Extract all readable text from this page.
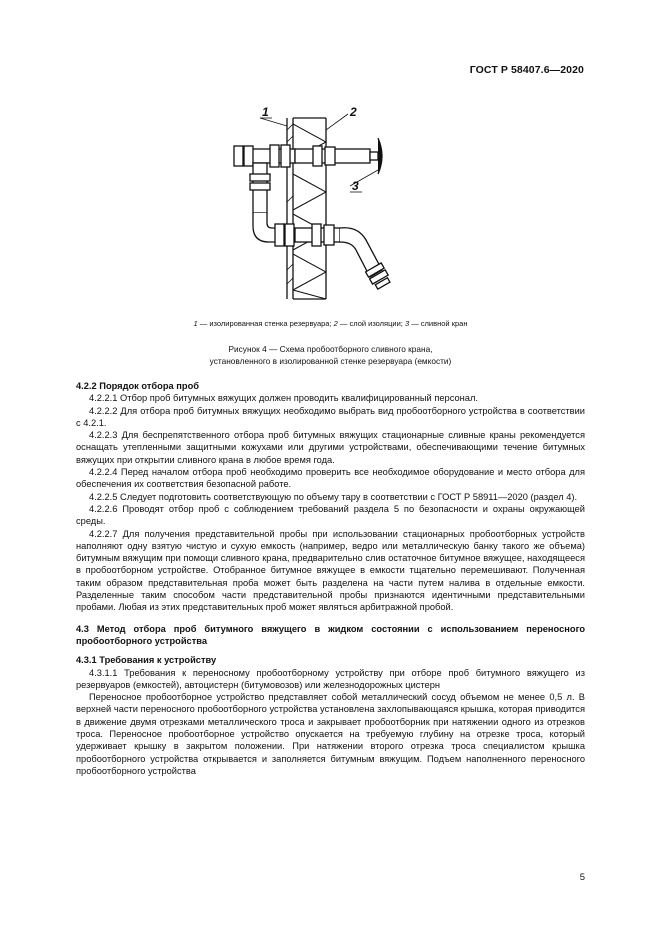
ГОСТ Р 58407.6—2020
1	2
3
1 — изолированная стенка резервуара; 2 — слой изоляции; 3 — сливной кран
Рисунок 4 — Схема пробоотборного сливного крана,
установленного в изолированной стенке резервуара (емкости)

4.2.2 Порядок отбора проб

4.2.2.1 Отбор проб битумных вяжущих должен проводить квалифицированный персонал.

4.2.2.2 Для отбора проб битумных вяжущих необходимо выбрать вид пробоотборного устройства в соответствии с 4.2.1.

4.2.2.3 Для беспрепятственного отбора проб битумных вяжущих стационарные сливные краны рекомендуется оснащать утепленными защитными кожухами или другими устройствами, обеспечивающими течение битумных вяжущих при открытии сливного крана в любое время года.

4.2.2.4 Перед началом отбора проб необходимо проверить все необходимое оборудование и место отбора для обеспечения их соответствия безопасной работе.

4.2.2.5 Следует подготовить соответствующую по объему тару в соответствии с ГОСТ Р 58911—2020 (раздел 4).

4.2.2.6 Проводят отбор проб с соблюдением требований раздела 5 по безопасности и охраны окружающей среды.

4.2.2.7 Для получения представительной пробы при использовании стационарных пробоотборных устройств наполняют одну взятую чистую и сухую емкость (например, ведро или металлическую банку такого же объема) битумным вяжущим при помощи сливного крана, предварительно слив остаточное битумное вяжущее, находящееся в пробоотборном устройстве. Отобранное битумное вяжущее в емкости тщательно перемешивают. Полученная таким образом представительная проба может быть разделена на части путем налива в отдельные емкости. Разделенные таким способом части представительной пробы признаются идентичными представительными пробами. Любая из этих представительных проб может являться арбитражной пробой.

4.3 Метод отбора проб битумного вяжущего в жидком состоянии с использованием переносного пробоотборного устройства

4.3.1 Требования к устройству

4.3.1.1 Требования к переносному пробоотборному устройству при отборе проб битумного вяжущего из резервуаров (емкостей), автоцистерн (битумовозов) или железнодорожных цистерн

Переносное пробоотборное устройство представляет собой металлический сосуд объемом не менее 0,5 л. В верхней части переносного пробоотборного устройства установлена захлопывающаяся крышка, которая приводится в движение двумя отрезками металлического троса и закрывает пробоотборник при натяжении одного из отрезков троса. Переносное пробоотборное устройство опускается на требуемую глубину на отрезке троса, который удерживает крышку в закрытом положении. При натяжении второго отрезка троса специалистом крышка пробоотборного устройства открывается и заполняется битумным вяжущим. Подъем наполненного переносного пробоотборного устройства

5
